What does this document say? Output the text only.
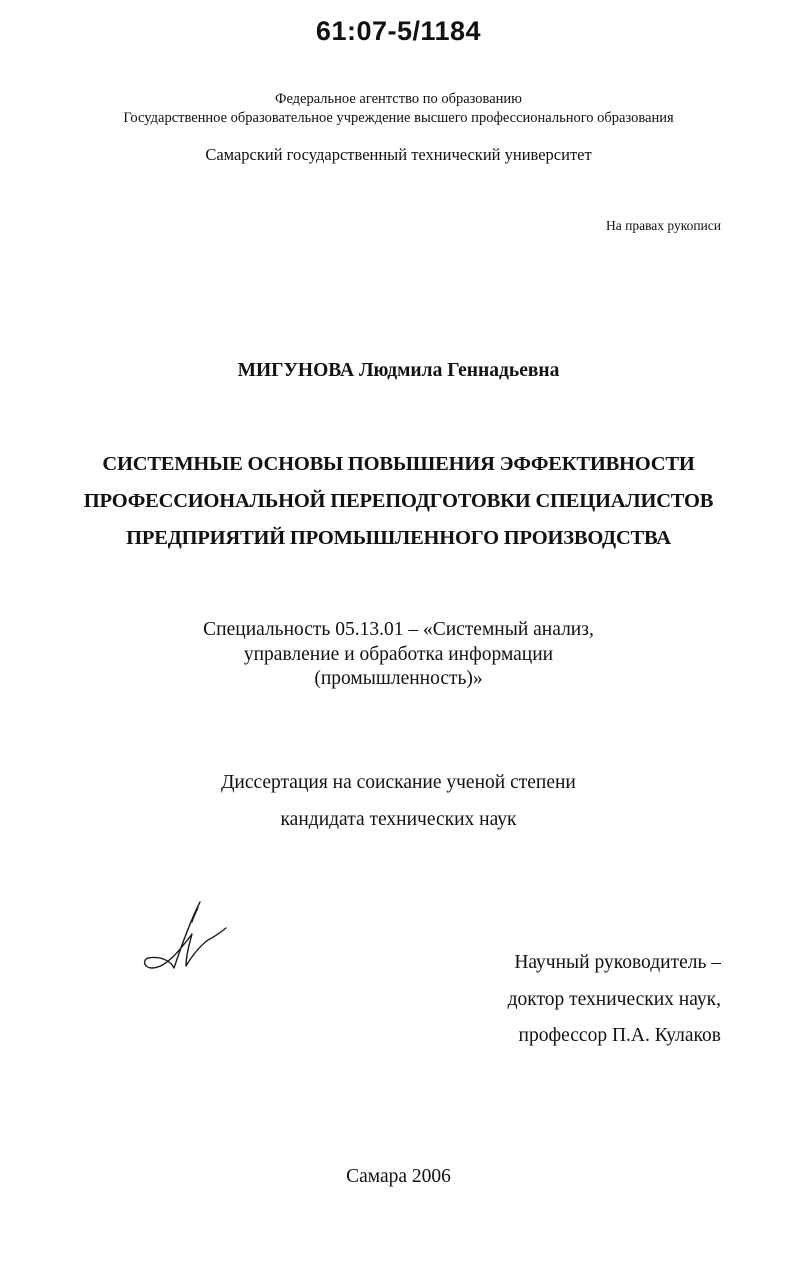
61:07-5/1184
Федеральное агентство по образованию
Государственное образовательное учреждение высшего профессионального образования
Самарский государственный технический университет
На правах рукописи
МИГУНОВА Людмила Геннадьевна
СИСТЕМНЫЕ ОСНОВЫ ПОВЫШЕНИЯ ЭФФЕКТИВНОСТИ
ПРОФЕССИОНАЛЬНОЙ ПЕРЕПОДГОТОВКИ СПЕЦИАЛИСТОВ
ПРЕДПРИЯТИЙ ПРОМЫШЛЕННОГО ПРОИЗВОДСТВА
Специальность 05.13.01 – «Системный анализ,
управление и обработка информации
(промышленность)»
Диссертация на соискание ученой степени
кандидата технических наук
Научный руководитель –
доктор технических наук,
профессор П.А. Кулаков
Самара 2006
